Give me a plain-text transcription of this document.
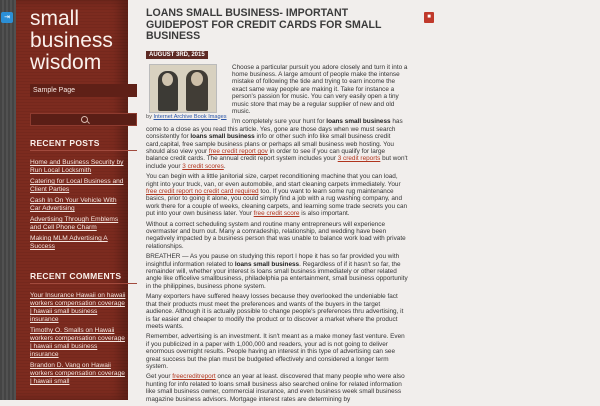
⇥ small business wisdom
Sample Page
RECENT POSTS
Home and Business Security by Run Local Locksmith
Catering for Local Business and Client Parties
Cash In On Your Vehicle With Car Advertising
Advertising Through Emblems and Cell Phone Charm
Making MLM Advertising A Success
RECENT COMMENTS
Your Insurance Hawaii on hawaii workers compensation coverage | hawaii small business insurance
Timothy O. Smalls on Hawaii workers compensation coverage | hawaii small business insurance
Brandon D. Vang on Hawaii workers compensation coverage | hawaii small
LOANS SMALL BUSINESS- IMPORTANT GUIDEPOST FOR CREDIT CARDS FOR SMALL BUSINESS
AUGUST 3RD, 2015
by Internet Archive Book Images

Choose a particular pursuit you adore closely and turn it into a home business. A large amount of people make the intense mistake of following the tide and trying to earn income the exact same way people are making it. Take for instance a person's passion for music. You can very easily open a tiny music store that may be a regular supplier of new and old music.

I'm completely sure your hunt for loans small business has come to a close as you read this article. Yes, gone are those days when we must search consistently for loans small business info or other such info like small business credit card,capital, free sample business plans or perhaps all small business web hosting. You should also view your free credit report gov in order to see if you can qualify for large balance credit cards. The annual credit report system includes your 3 credit reports but won't include your 3 credit scores.

You can begin with a little janitorial size, carpet reconditioning machine that you can load, right into your truck, van, or even automobile, and start cleaning carpets immediately. Your free credit report no credit card required too. If you want to learn some rug maintenance basics, prior to going it alone, you could simply find a job with a rug washing company, and work there for a couple of weeks, cleaning carpets, and learning some trade secrets you can put into your own business later. Your free credit score is also important.

Without a correct scheduling system and routine many entrepreneurs will experience overmaster and burn out. Many a comradeship, relationship, and wedding have been negatively impacted by a business person that was unable to balance work load with private relationships.

BREATHER — As you pause on studying this report I hope it has so far provided you with insightful information related to loans small business. Regardless of if it hasn't so far, the remainder will, whether your interest is loans small business immediately or other related angle like officelive smallbusiness, philadelphia pa entertainment, small business opportunity in the philippines, business phone system.

Many exporters have suffered heavy losses because they overlooked the undeniable fact that their products must meet the preferences and wants of the buyers in the target audience. Although it is actually possible to change people's preferences thru advertising, it is far easier and cheaper to modify the product or to discover a market where the product meets wants.

Remember, advertising is an investment. It isn't meant as a make money fast venture. Even if you publicized in a paper with 1,000,000 and readers, your ad is not going to deliver enormous overnight results. People having an interest in this type of advertising can see great success but the plan must be budgeted effectively and considered a longer term system.

Get your freecreditreport once an year at least. discovered that many people who were also hunting for info related to loans small business also searched online for related information like small business owner, commercial insurance, and even business week small business magazine business advisors. Mortgage interest rates are determining by

■
